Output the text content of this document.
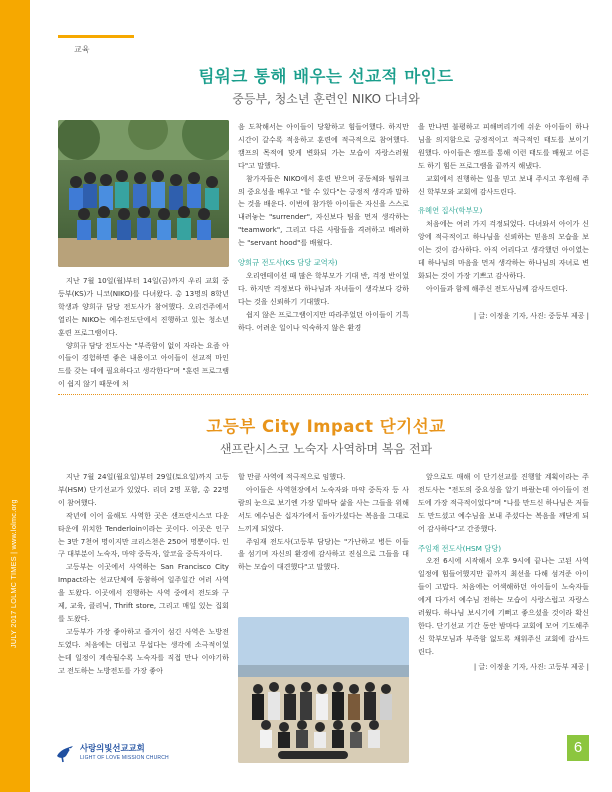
교육
팀워크 통해 배우는 선교적 마인드
중등부, 청소년 훈련인 NIKO 다녀와

지난 7월 10일(월)부터 14일(금)까지 우리 교회 중등부(KS)가 니코(NIKO)를 다녀왔다. 총 13명의 8학년 학생과 양희규 담당 전도사가 참여했다. 오리건주에서 열리는 NIKO는 예수전도단에서 진행하고 있는 청소년 훈련 프로그램이다.

양희규 담당 전도사는 "부족함이 없이 자라는 요즘 아이들이 경험하면 좋은 내용이고 아이들이 선교적 마인드를 갖는 데에 필요하다고 생각한다"며 "훈련 프로그램이 쉽지 않기 때문에 처

음 도착해서는 아이들이 당황하고 힘들어했다. 하지만 시간이 갈수록 적응하고 훈련에 적극적으로 참여했다. 캠프의 목적에 맞게 변화되 가는 모습이 자랑스러웠다"고 말했다.

참가자들은 NIKO에서 훈련 받으며 공동체와 팀워크의 중요성을 배우고 "할 수 있다"는 긍정적 생각과 말하는 것을 배운다. 이번에 참가한 아이들은 자신을 스스로 내려놓는 "surrender", 자신보다 팀을 먼저 생각하는 "teamwork", 그리고 다른 사람들을 격려하고 배려하는 "servant hood"를 배웠다.

양희규 전도사(KS 담당 교역자)

오리엔테이션 때 많은 학부모가 기대 반, 걱정 반이었다. 하지만 걱정보다 하나님과 자녀들이 생각보다 강하다는 것을 신뢰하기 기대했다.

쉽지 않은 프로그램이지만 따라주었던 아이들이 기특하다. 어려운 일이나 익숙하지 않은 환경

을 만나면 불평하고 피해버리기에 쉬운 아이들이 하나님을 의지함으로 긍정적이고 적극적인 태도를 보이기 원했다. 아이들은 캠프를 통해 이런 태도를 배웠고 어른도 하기 힘든 프로그램을 끝까지 해냈다.

교회에서 진행하는 일을 믿고 보내 주시고 후원해 주신 학부모와 교회에 감사드린다.

유혜연 집사(학부모)

처음에는 여러 가지 걱정되었다. 다녀와서 아이가 신앙에 적극적이고 하나님을 신뢰하는 믿음의 모습을 보이는 것이 감사하다. 아직 어리다고 생각했던 아이였는데 하나님의 마음을 먼저 생각하는 하나님의 자녀로 변화되는 것이 가장 기쁘고 감사하다.

아이들과 함께 해주신 전도사님께 감사드린다.

| 글: 이정윤 기자, 사진: 중등부 제공 |

고등부 City Impact 단기선교
샌프란시스코 노숙자 사역하며 복음 전파

지난 7월 24일(월요일)부터 29일(토요일)까지 고등부(HSM) 단기선교가 있었다. 리더 2명 포함, 총 22명이 참여했다.

작년에 이어 올해도 사역한 곳은 샌프란시스코 다운타운에 위치한 Tenderloin이라는 곳이다. 이곳은 인구는 3만 7천여 명이지만 크리스천은 250여 명뿐이다. 인구 대부분이 노숙자, 마약 중독자, 알코올 중독자이다.

고등부는 이곳에서 사역하는 San Francisco City Impact라는 선교단체에 동참하여 일주일간 여러 사역을 도왔다. 이곳에서 진행하는 사역 중에서 전도와 구제, 교육, 클리닉, Thrift store, 그리고 매일 있는 집회를 도왔다.

고등부가 가장 좋아하고 즐거이 섬긴 사역은 노방전도였다. 처음에는 더럽고 무섭다는 생각에 소극적이었는데 일정이 계속될수록 노숙자를 직접 만나 이야기하고 전도하는 노방전도를 가장 좋아

할 만큼 사역에 적극적으로 임했다.

아이들은 사역현장에서 노숙자와 마약 중독자 등 사람의 눈으로 보기엔 가장 밑바닥 삶을 사는 그들을 위해서도 예수님은 십자가에서 돌아가셨다는 복음을 그대로 느끼게 되었다.

주임재 전도사(고등부 담당)는 "가난하고 병든 이들을 섬기며 자신의 환경에 감사하고 진심으로 그들을 대하는 모습이 대견했다"고 말했다.

앞으로도 매해 이 단기선교를 진행할 계획이라는 주 전도사는 "전도의 중요성을 알기 바랐는데 아이들이 전도에 가장 적극적이었다"며 "나를 만드신 하나님은 저들도 만드셨고 예수님을 보내 주셨다는 복음을 깨닫게 되어 감사하다"고 간증했다.

주임재 전도사(HSM 담당)

오전 6시에 시작해서 오후 9시에 끝나는 고된 사역 일정에 힘들어했지만 끝까지 최선을 다해 섬겨준 아이들이 고맙다. 처음에는 어색해하던 아이들이 노숙자들에게 다가서 예수님 전하는 모습이 사랑스럽고 자랑스러웠다. 하나님 보시기에 기뻐고 좋으셨을 것이라 확신한다. 단기선교 기간 동안 밤마다 교회에 모여 기도해주신 학부모님과 부족함 없도록 채워주신 교회에 감사드린다.

| 글: 이정윤 기자, 사진: 고등부 제공 |

사랑의빛선교교회
LIGHT OF LOVE MISSION CHURCH
6
